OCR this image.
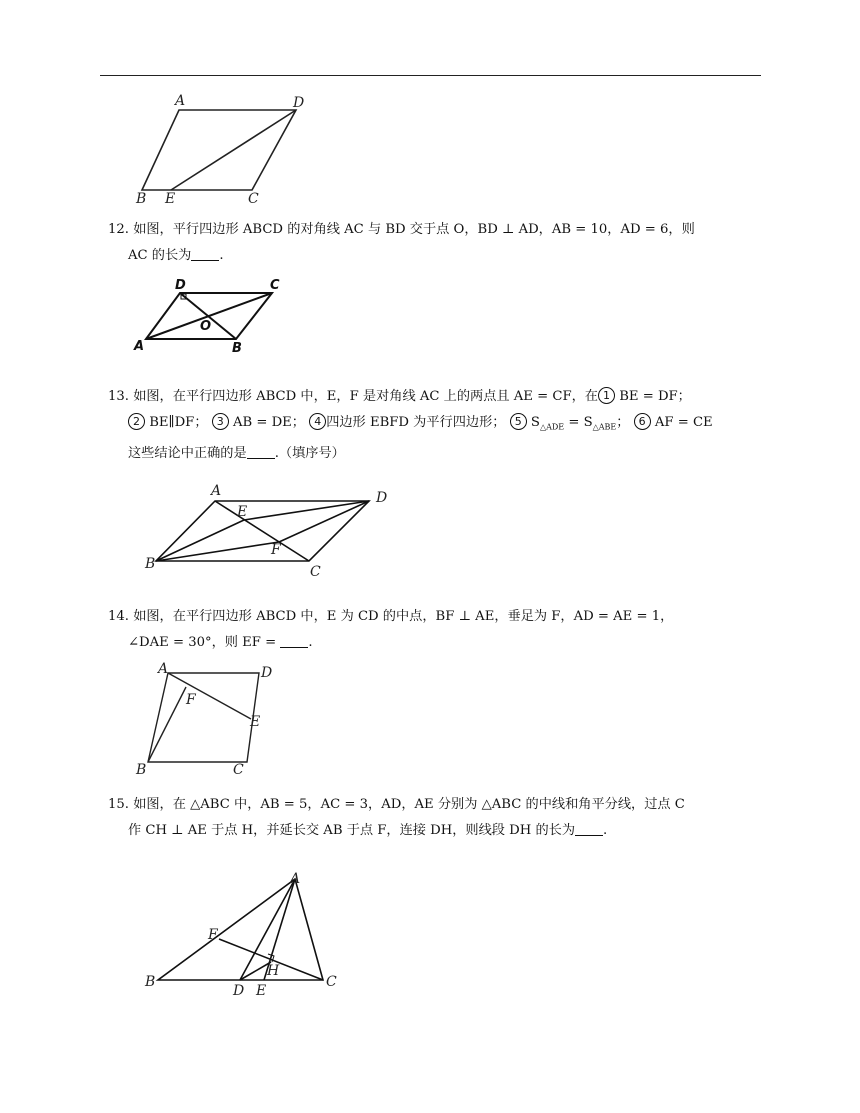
A	D
B E	C
12. 如图，平行四边形 ABCD 的对角线 AC 与 BD 交于点 O，BD ⊥ AD，AB = 10，AD = 6，则
AC 的长为 .
D	C
O
A	B
13. 如图，在平行四边形 ABCD 中，E，F 是对角线 AC 上的两点且 AE = CF，在 1 BE = DF；
2 BE∥DF； 3 AB = DE； 4 四边形 EBFD 为平行四边形； 5 $S_{\triangle ADE} = S_{\triangle ABE}$； 6 AF = CE
这些结论中正确的是 .（填序号）
A	D
E
B
F
C
14. 如图，在平行四边形 ABCD 中，E 为 CD 的中点，BF ⊥ AE，垂足为 F，AD = AE = 1，
∠DAE = 30°，则 EF = .
A	D
F
E
B	C
15. 如图，在 △ABC 中，AB = 5，AC = 3，AD，AE 分别为 △ABC 的中线和角平分线，过点 C
作 CH ⊥ AE 于点 H，并延长交 AB 于点 F，连接 DH，则线段 DH 的长为 .
A
F
H
B
D E
C
